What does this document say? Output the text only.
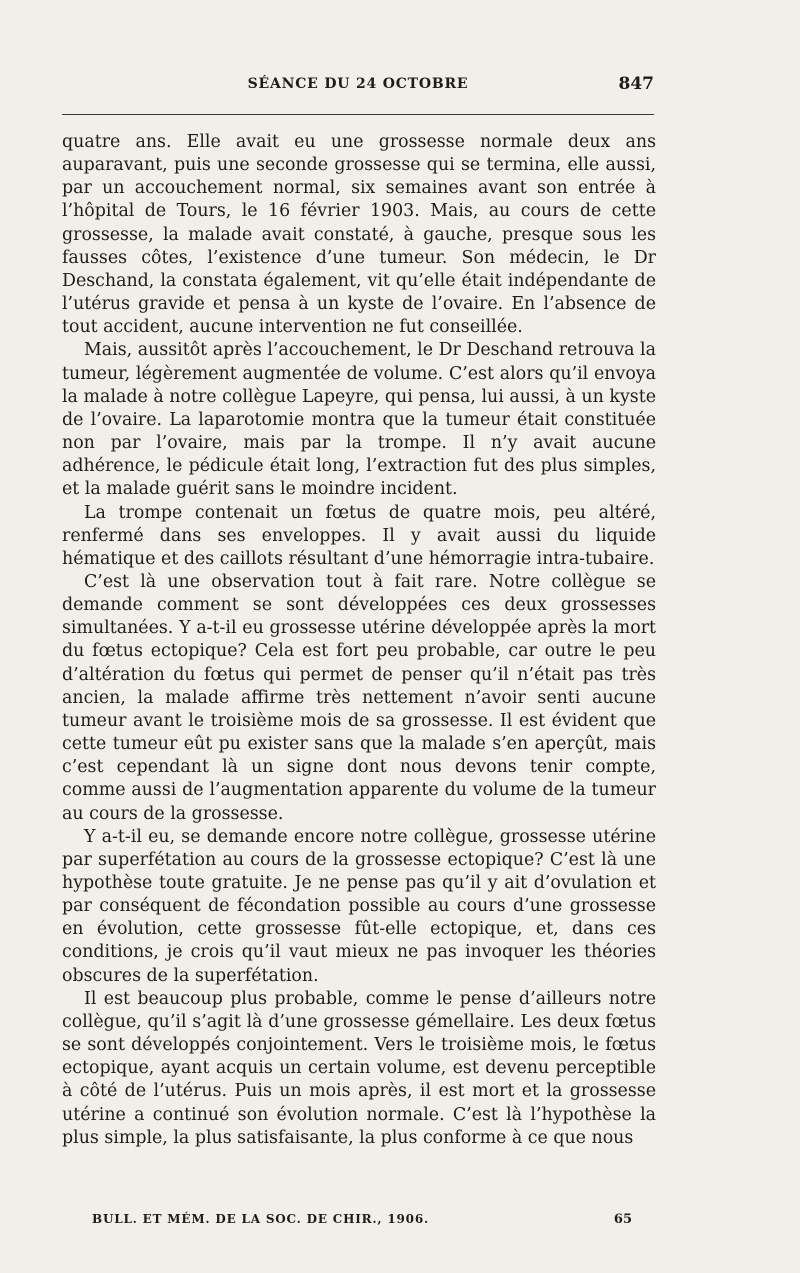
SÉANCE DU 24 OCTOBRE	847

quatre ans. Elle avait eu une grossesse normale deux ans auparavant, puis une seconde grossesse qui se termina, elle aussi, par un accouchement normal, six semaines avant son entrée à l’hôpital de Tours, le 16 février 1903. Mais, au cours de cette grossesse, la malade avait constaté, à gauche, presque sous les fausses côtes, l’existence d’une tumeur. Son médecin, le Dr Deschand, la constata également, vit qu’elle était indépendante de l’utérus gravide et pensa à un kyste de l’ovaire. En l’absence de tout accident, aucune intervention ne fut conseillée.

Mais, aussitôt après l’accouchement, le Dr Deschand retrouva la tumeur, légèrement augmentée de volume. C’est alors qu’il envoya la malade à notre collègue Lapeyre, qui pensa, lui aussi, à un kyste de l’ovaire. La laparotomie montra que la tumeur était constituée non par l’ovaire, mais par la trompe. Il n’y avait aucune adhérence, le pédicule était long, l’extraction fut des plus simples, et la malade guérit sans le moindre incident.

La trompe contenait un fœtus de quatre mois, peu altéré, renfermé dans ses enveloppes. Il y avait aussi du liquide hématique et des caillots résultant d’une hémorragie intra-tubaire.

C’est là une observation tout à fait rare. Notre collègue se demande comment se sont développées ces deux grossesses simultanées. Y a-t-il eu grossesse utérine développée après la mort du fœtus ectopique? Cela est fort peu probable, car outre le peu d’altération du fœtus qui permet de penser qu’il n’était pas très ancien, la malade affirme très nettement n’avoir senti aucune tumeur avant le troisième mois de sa grossesse. Il est évident que cette tumeur eût pu exister sans que la malade s’en aperçût, mais c’est cependant là un signe dont nous devons tenir compte, comme aussi de l’augmentation apparente du volume de la tumeur au cours de la grossesse.

Y a-t-il eu, se demande encore notre collègue, grossesse utérine par superfétation au cours de la grossesse ectopique? C’est là une hypothèse toute gratuite. Je ne pense pas qu’il y ait d’ovulation et par conséquent de fécondation possible au cours d’une grossesse en évolution, cette grossesse fût-elle ectopique, et, dans ces conditions, je crois qu’il vaut mieux ne pas invoquer les théories obscures de la superfétation.

Il est beaucoup plus probable, comme le pense d’ailleurs notre collègue, qu’il s’agit là d’une grossesse gémellaire. Les deux fœtus se sont développés conjointement. Vers le troisième mois, le fœtus ectopique, ayant acquis un certain volume, est devenu perceptible à côté de l’utérus. Puis un mois après, il est mort et la grossesse utérine a continué son évolution normale. C’est là l’hypothèse la plus simple, la plus satisfaisante, la plus conforme à ce que nous

BULL. ET MÉM. DE LA SOC. DE CHIR., 1906.	65
